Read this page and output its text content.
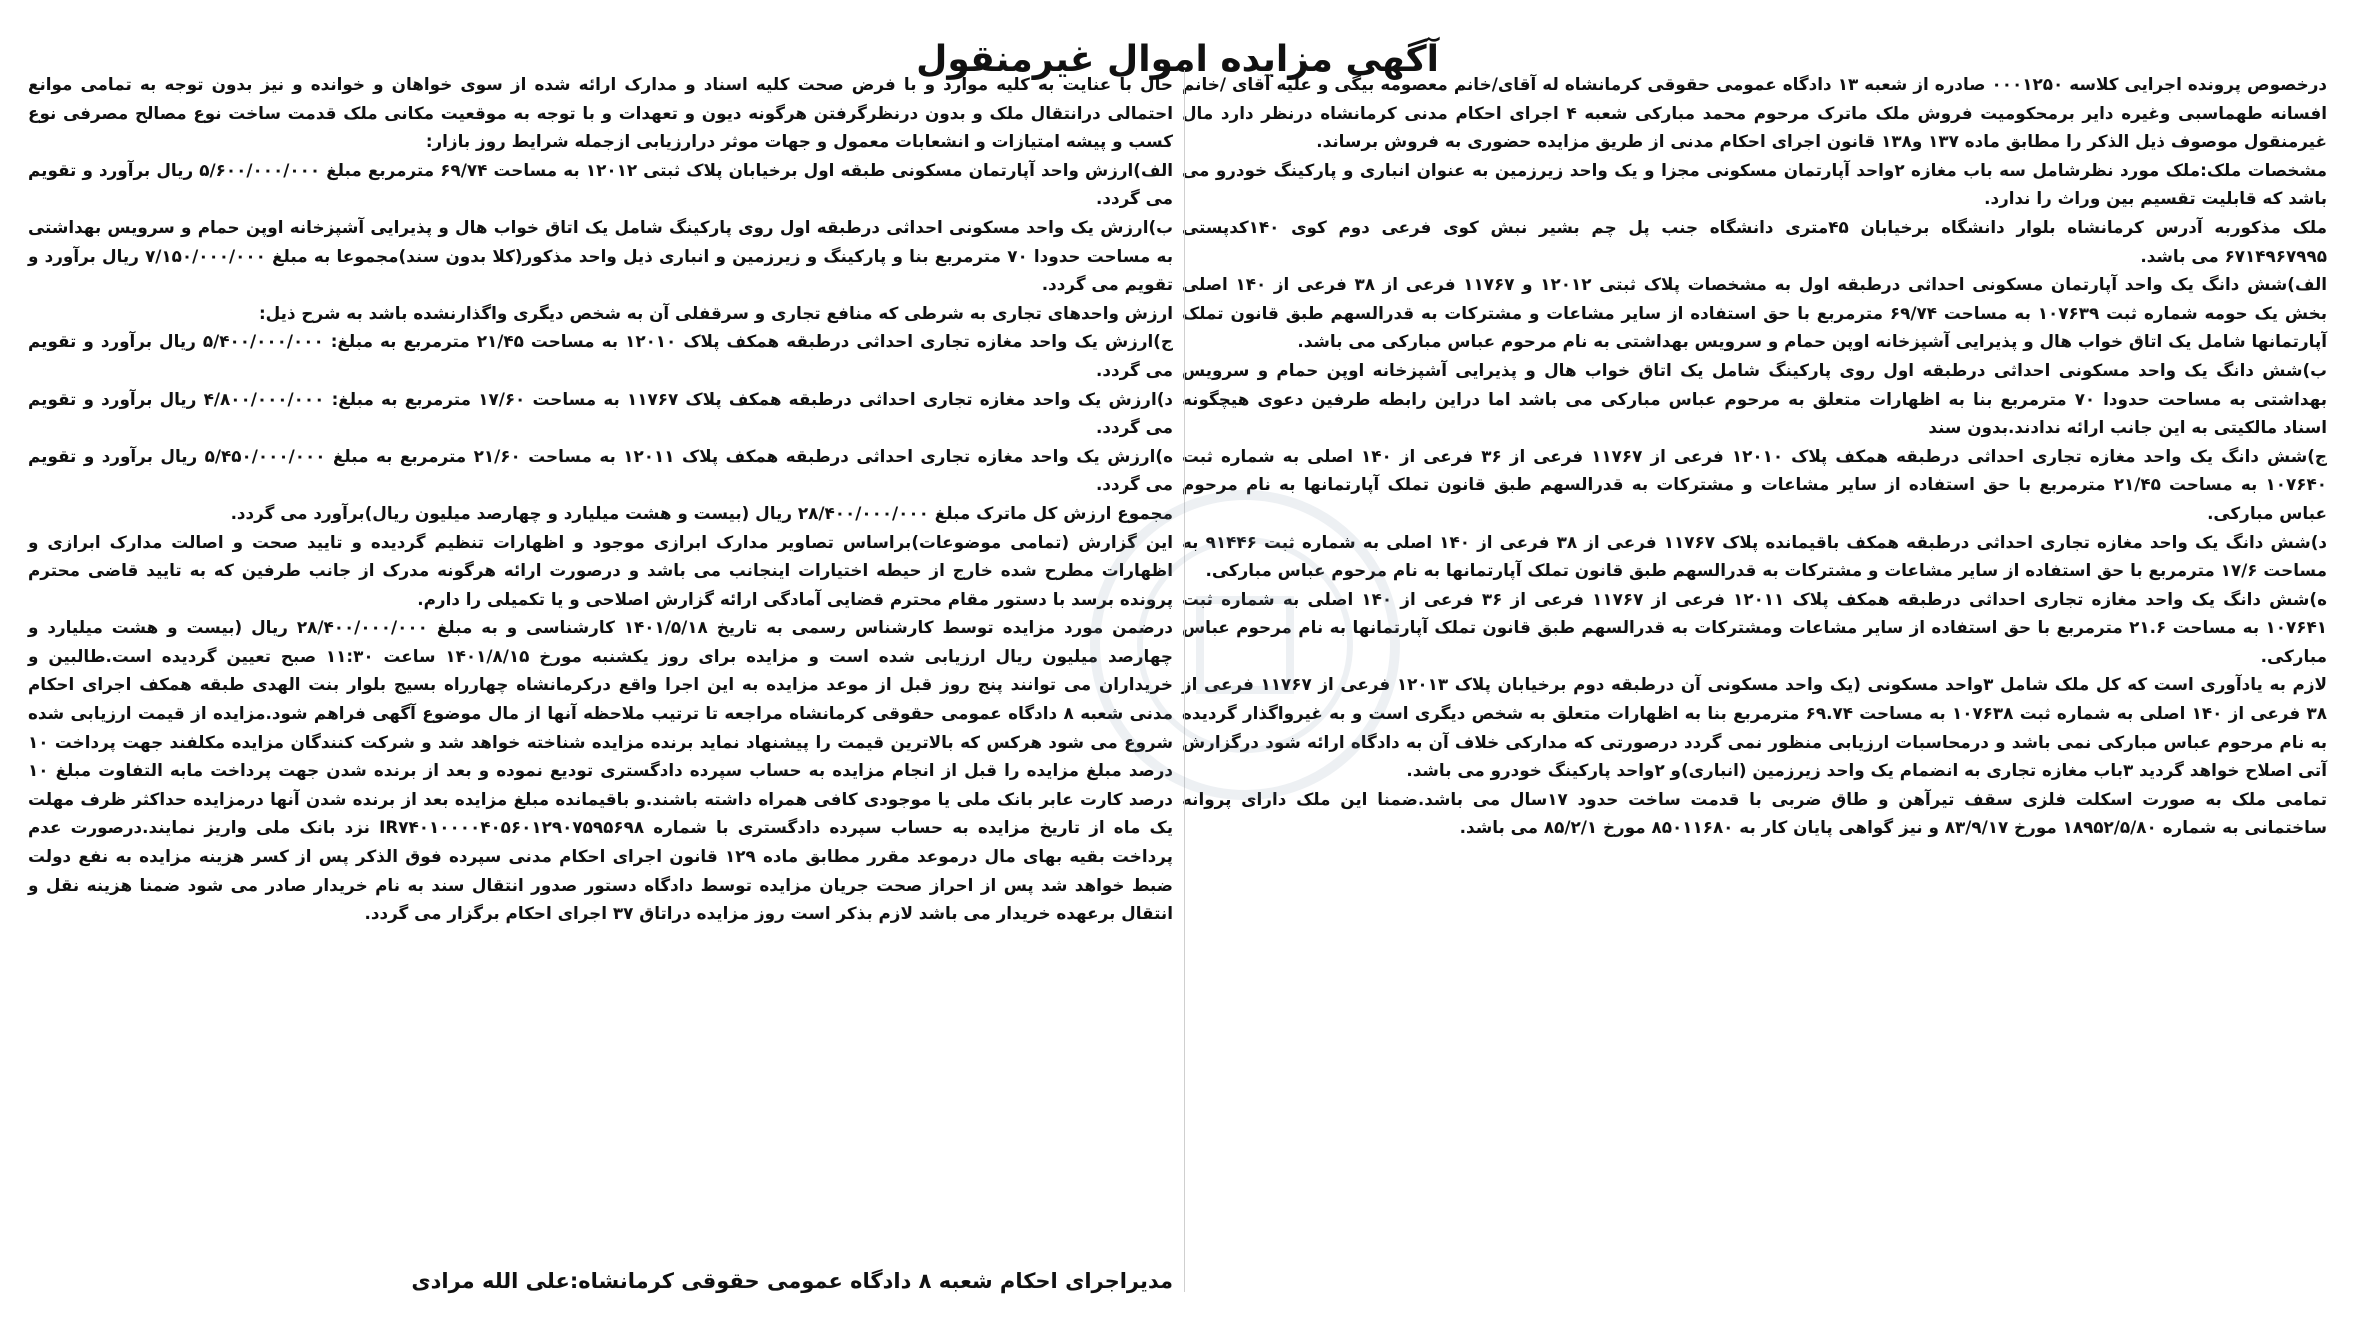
آگهی مزایده اموال غیرمنقول

درخصوص پرونده اجرایی کلاسه ۰۰۰۱۲۵۰ صادره از شعبه ۱۳ دادگاه عمومی حقوقی کرمانشاه له آقای/خانم معصومه بیگی و علیه آقای /خانم افسانه طهماسبی وغیره دایر برمحکومیت فروش ملک ماترک مرحوم محمد مبارکی شعبه ۴ اجرای احکام مدنی کرمانشاه درنظر دارد مال غیرمنقول موصوف ذیل الذکر را مطابق ماده ۱۳۷ و۱۳۸ قانون اجرای احکام مدنی از طریق مزایده حضوری به فروش برساند.

مشخصات ملک:ملک مورد نظرشامل سه باب مغازه ۲واحد آپارتمان مسکونی مجزا و یک واحد زیرزمین به عنوان انباری و پارکینگ خودرو می باشد که قابلیت تقسیم بین وراث را ندارد.

ملک مذکوربه آدرس کرمانشاه بلوار دانشگاه برخیابان ۴۵متری دانشگاه جنب پل چم بشیر نبش کوی فرعی دوم کوی ۱۴۰کدپستی ۶۷۱۴۹۶۷۹۹۵ می باشد.

الف)شش دانگ یک واحد آپارتمان مسکونی احداثی درطبقه اول به مشخصات پلاک ثبتی ۱۲۰۱۲ و ۱۱۷۶۷ فرعی از ۳۸ فرعی از ۱۴۰ اصلی بخش یک حومه شماره ثبت ۱۰۷۶۳۹ به مساحت ۶۹/۷۴ مترمربع با حق استفاده از سایر مشاعات و مشترکات به قدرالسهم طبق قانون تملک آپارتمانها شامل یک اتاق خواب هال و پذیرایی آشپزخانه اوپن حمام و سرویس بهداشتی به نام مرحوم عباس مبارکی می باشد.

ب)شش دانگ یک واحد مسکونی احداثی درطبقه اول روی پارکینگ شامل یک اتاق خواب هال و پذیرایی آشپزخانه اوپن حمام و سرویس بهداشتی به مساحت حدودا ۷۰ مترمربع بنا به اظهارات متعلق به مرحوم عباس مبارکی می باشد اما دراین رابطه طرفین دعوی هیچگونه اسناد مالکیتی به این جانب ارائه ندادند.بدون سند

ج)شش دانگ یک واحد مغازه تجاری احداثی درطبقه همکف پلاک ۱۲۰۱۰ فرعی از ۱۱۷۶۷ فرعی از ۳۶ فرعی از ۱۴۰ اصلی به شماره ثبت ۱۰۷۶۴۰ به مساحت ۲۱/۴۵ مترمربع با حق استفاده از سایر مشاعات و مشترکات به قدرالسهم طبق قانون تملک آپارتمانها به نام مرحوم عباس مبارکی.

د)شش دانگ یک واحد مغازه تجاری احداثی درطبقه همکف باقیمانده پلاک ۱۱۷۶۷ فرعی از ۳۸ فرعی از ۱۴۰ اصلی به شماره ثبت ۹۱۴۴۶ به مساحت ۱۷/۶ مترمربع با حق استفاده از سایر مشاعات و مشترکات به قدرالسهم طبق قانون تملک آپارتمانها به نام مرحوم عباس مبارکی.

ه)شش دانگ یک واحد مغازه تجاری احداثی درطبقه همکف پلاک ۱۲۰۱۱ فرعی از ۱۱۷۶۷ فرعی از ۳۶ فرعی از ۱۴۰ اصلی به شماره ثبت ۱۰۷۶۴۱ به مساحت ۲۱.۶ مترمربع با حق استفاده از سایر مشاعات ومشترکات به قدرالسهم طبق قانون تملک آپارتمانها به نام مرحوم عباس مبارکی.

لازم به یادآوری است که کل ملک شامل ۳واحد مسکونی (یک واحد مسکونی آن درطبقه دوم برخیابان پلاک ۱۲۰۱۳ فرعی از ۱۱۷۶۷ فرعی از ۳۸ فرعی از ۱۴۰ اصلی به شماره ثبت ۱۰۷۶۳۸ به مساحت ۶۹.۷۴ مترمربع بنا به اظهارات متعلق به شخص دیگری است و به غیرواگذار گردیده به نام مرحوم عباس مبارکی نمی باشد و درمحاسبات ارزیابی منظور نمی گردد درصورتی که مدارکی خلاف آن به دادگاه ارائه شود درگزارش آتی اصلاح خواهد گردید ۳باب مغازه تجاری به انضمام یک واحد زیرزمین (انباری)و ۲واحد پارکینگ خودرو می باشد.

تمامی ملک به صورت اسکلت فلزی سقف تیرآهن و طاق ضربی با قدمت ساخت حدود ۱۷سال می باشد.ضمنا این ملک دارای پروانه ساختمانی به شماره ۱۸۹۵۲/۵/۸۰ مورخ ۸۳/۹/۱۷ و نیز گواهی پایان کار به ۸۵۰۱۱۶۸۰ مورخ ۸۵/۲/۱ می باشد.

حال با عنایت به کلیه موارد و با فرض صحت کلیه اسناد و مدارک ارائه شده از سوی خواهان و خوانده و نیز بدون توجه به تمامی موانع احتمالی درانتقال ملک و بدون درنظرگرفتن هرگونه دیون و تعهدات و با توجه به موقعیت مکانی ملک قدمت ساخت نوع مصالح مصرفی نوع کسب و پیشه امتیازات و انشعابات معمول و جهات موثر درارزیابی ازجمله شرایط روز بازار:

الف)ارزش واحد آپارتمان مسکونی طبقه اول برخیابان پلاک ثبتی ۱۲۰۱۲ به مساحت ۶۹/۷۴ مترمربع مبلغ ۵/۶۰۰/۰۰۰/۰۰۰ ریال برآورد و تقویم می گردد.

ب)ارزش یک واحد مسکونی احداثی درطبقه اول روی پارکینگ شامل یک اتاق خواب هال و پذیرایی آشپزخانه اوپن حمام و سرویس بهداشتی به مساحت حدودا ۷۰ مترمربع بنا و پارکینگ و زیرزمین و انباری ذیل واحد مذکور(کلا بدون سند)مجموعا به مبلغ ۷/۱۵۰/۰۰۰/۰۰۰ ریال برآورد و تقویم می گردد.

ارزش واحدهای تجاری به شرطی که منافع تجاری و سرقفلی آن به شخص دیگری واگذارنشده باشد به شرح ذیل:

ج)ارزش یک واحد مغازه تجاری احداثی درطبقه همکف پلاک ۱۲۰۱۰ به مساحت ۲۱/۴۵ مترمربع به مبلغ: ۵/۴۰۰/۰۰۰/۰۰۰ ریال برآورد و تقویم می گردد.

د)ارزش یک واحد مغازه تجاری احداثی درطبقه همکف پلاک ۱۱۷۶۷ به مساحت ۱۷/۶۰ مترمربع به مبلغ: ۴/۸۰۰/۰۰۰/۰۰۰ ریال برآورد و تقویم می گردد.

ه)ارزش یک واحد مغازه تجاری احداثی درطبقه همکف پلاک ۱۲۰۱۱ به مساحت ۲۱/۶۰ مترمربع به مبلغ ۵/۴۵۰/۰۰۰/۰۰۰ ریال برآورد و تقویم می گردد.

مجموع ارزش کل ماترک مبلغ ۲۸/۴۰۰/۰۰۰/۰۰۰ ریال (بیست و هشت میلیارد و چهارصد میلیون ریال)برآورد می گردد.

این گزارش (تمامی موضوعات)براساس تصاویر مدارک ابرازی موجود و اظهارات تنظیم گردیده و تایید صحت و اصالت مدارک ابرازی و اظهارات مطرح شده خارج از حیطه اختیارات اینجانب می باشد و درصورت ارائه هرگونه مدرک از جانب طرفین که به تایید قاضی محترم پرونده برسد با دستور مقام محترم قضایی آمادگی ارائه گزارش اصلاحی و یا تکمیلی را دارم.

درضمن مورد مزایده توسط کارشناس رسمی به تاریخ ۱۴۰۱/۵/۱۸ کارشناسی و به مبلغ ۲۸/۴۰۰/۰۰۰/۰۰۰ ریال (بیست و هشت میلیارد و چهارصد میلیون ریال ارزیابی شده است و مزایده برای روز یکشنبه مورخ ۱۴۰۱/۸/۱۵ ساعت ۱۱:۳۰ صبح تعیین گردیده است.طالبین و خریداران می توانند پنج روز قبل از موعد مزایده به این اجرا واقع درکرمانشاه چهارراه بسیج بلوار بنت الهدی طبقه همکف اجرای احکام مدنی شعبه ۸ دادگاه عمومی حقوقی کرمانشاه مراجعه تا ترتیب ملاحظه آنها از مال موضوع آگهی فراهم شود.مزایده از قیمت ارزیابی شده شروع می شود هرکس که بالاترین قیمت را پیشنهاد نماید برنده مزایده شناخته خواهد شد و شرکت کنندگان مزایده مکلفند جهت پرداخت ۱۰ درصد مبلغ مزایده را قبل از انجام مزایده به حساب سپرده دادگستری تودیع نموده و بعد از برنده شدن جهت پرداخت مابه التفاوت مبلغ ۱۰ درصد کارت عابر بانک ملی یا موجودی کافی همراه داشته باشند.و باقیمانده مبلغ مزایده بعد از برنده شدن آنها درمزایده حداکثر ظرف مهلت یک ماه از تاریخ مزایده به حساب سپرده دادگستری با شماره IR۷۴۰۱۰۰۰۰۴۰۵۶۰۱۲۹۰۷۵۹۵۶۹۸ نزد بانک ملی واریز نمایند.درصورت عدم پرداخت بقیه بهای مال درموعد مقرر مطابق ماده ۱۲۹ قانون اجرای احکام مدنی سپرده فوق الذکر پس از کسر هزینه مزایده به نفع دولت ضبط خواهد شد پس از احراز صحت جریان مزایده توسط دادگاه دستور صدور انتقال سند به نام خریدار صادر می شود ضمنا هزینه نقل و انتقال برعهده خریدار می باشد لازم بذکر است روز مزایده دراتاق ۳۷ اجرای احکام برگزار می گردد.

مدیراجرای احکام شعبه ۸ دادگاه عمومی حقوقی کرمانشاه:علی الله مرادی
